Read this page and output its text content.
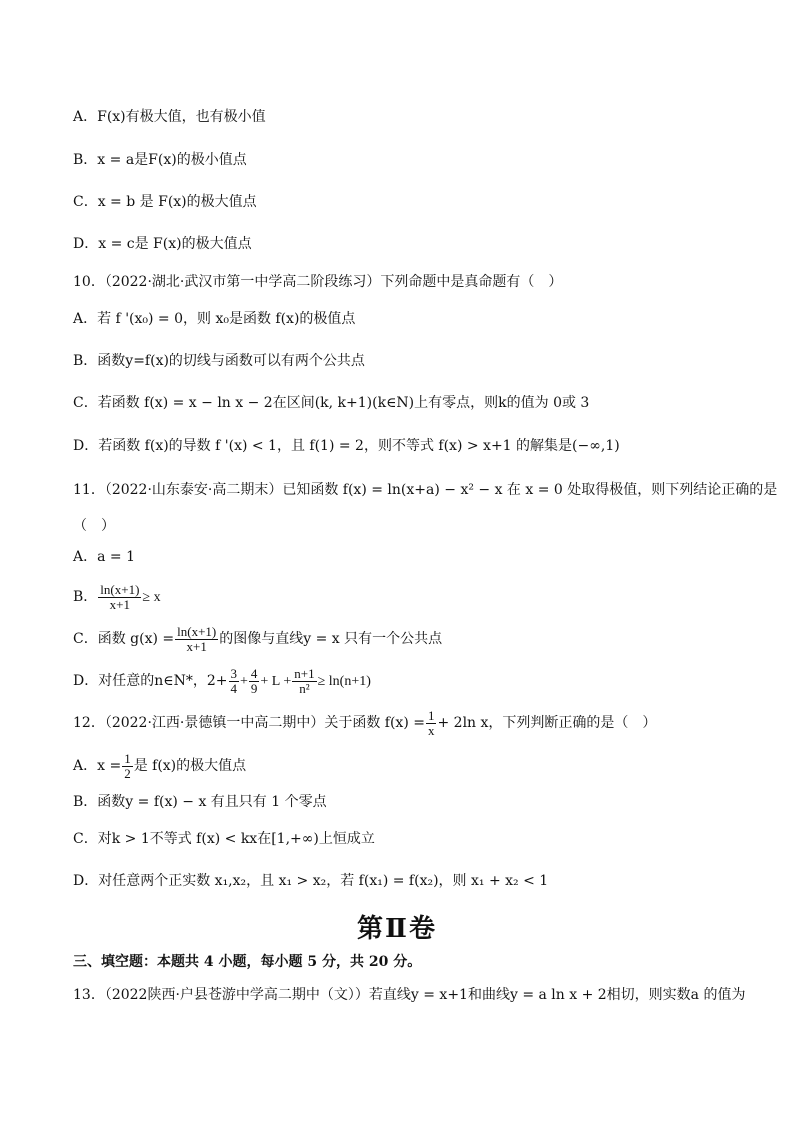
A．F(x)有极大值，也有极小值
B．x = a是F(x)的极小值点
C．x = b 是 F(x)的极大值点
D．x = c是 F(x)的极大值点
10．（2022·湖北·武汉市第一中学高二阶段练习）下列命题中是真命题有（　）
A．若 f '(x₀) = 0，则 x₀是函数 f(x)的极值点
B．函数y=f(x)的切线与函数可以有两个公共点
C．若函数 f(x) = x − ln x − 2在区间(k, k+1)(k∈N)上有零点，则k的值为 0或 3
D．若函数 f(x)的导数 f '(x) < 1，且 f(1) = 2，则不等式 f(x) > x+1 的解集是(−∞,1)
11．（2022·山东泰安·高二期末）已知函数 f(x) = ln(x+a) − x² − x 在 x = 0 处取得极值，则下列结论正确的是
（　）
A．a = 1
B． $\frac{\ln(x+1)}{x+1} \ge x$
C．函数 $g(x) = \frac{\ln(x+1)}{x+1}$ 的图像与直线y = x 只有一个公共点
D．对任意的n∈N*，$2+ \frac{3}{4} + \frac{4}{9} + L + \frac{n+1}{\text{n²}} \ge \ln(n+1)$
12．（2022·江西·景德镇一中高二期中）关于函数 $f(x) = \frac{1}{x} + 2\ln$ x，下列判断正确的是（　）
A．$x = \frac{1}{2}$ 是 f(x)的极大值点
B．函数y = f(x) − x 有且只有 1 个零点
C．对k > 1不等式 f(x) < kx在[1,+∞)上恒成立
D．对任意两个正实数 x₁,x₂，且 x₁ > x₂，若 f(x₁) = f(x₂)，则 x₁ + x₂ < 1
第Ⅱ卷
三、填空题：本题共 4 小题，每小题 5 分，共 20 分。
13．（2022陕西·户县苍游中学高二期中（文））若直线y = x+1和曲线y = a ln x + 2相切，则实数a 的值为
